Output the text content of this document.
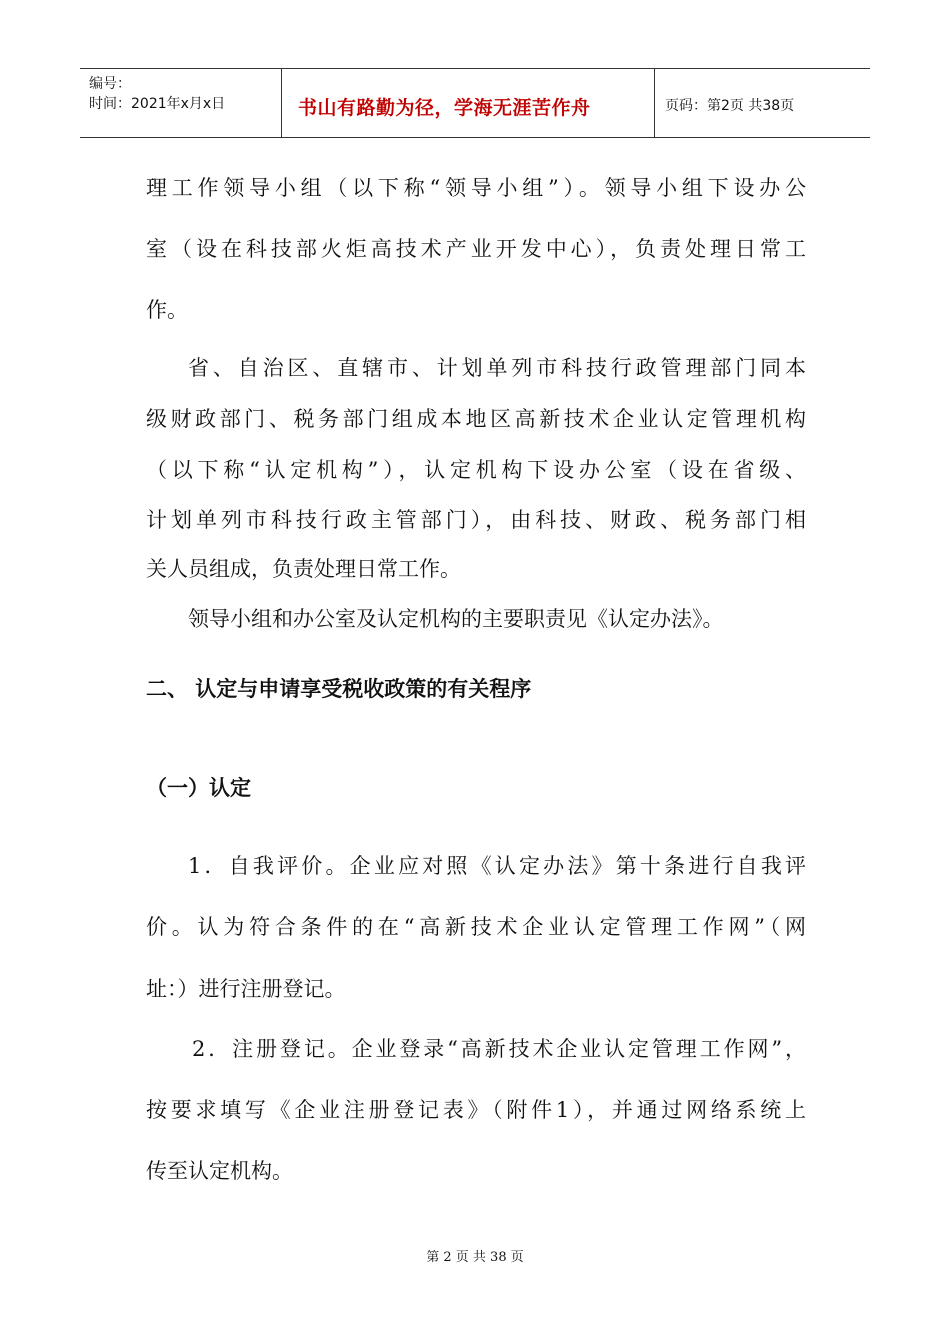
编号：
时间：2021年x月x日	书山有路勤为径，学海无涯苦作舟	页码：第2页 共38页
理工作领导小组（以下称“领导小组”）。领导小组下设办公
室（设在科技部火炬高技术产业开发中心），负责处理日常工
作。
省、自治区、直辖市、计划单列市科技行政管理部门同本
级财政部门、税务部门组成本地区高新技术企业认定管理机构
（以下称“认定机构”），认定机构下设办公室（设在省级、
计划单列市科技行政主管部门），由科技、财政、税务部门相
关人员组成，负责处理日常工作。
领导小组和办公室及认定机构的主要职责见《认定办法》。
二、 认定与申请享受税收政策的有关程序
（一）认定
1．自我评价。企业应对照《认定办法》第十条进行自我评
价。认为符合条件的在“高新技术企业认定管理工作网”（网
址：）进行注册登记。
2．注册登记。企业登录“高新技术企业认定管理工作网”，
按要求填写《企业注册登记表》（附件1），并通过网络系统上
传至认定机构。
第 2 页 共 38 页
